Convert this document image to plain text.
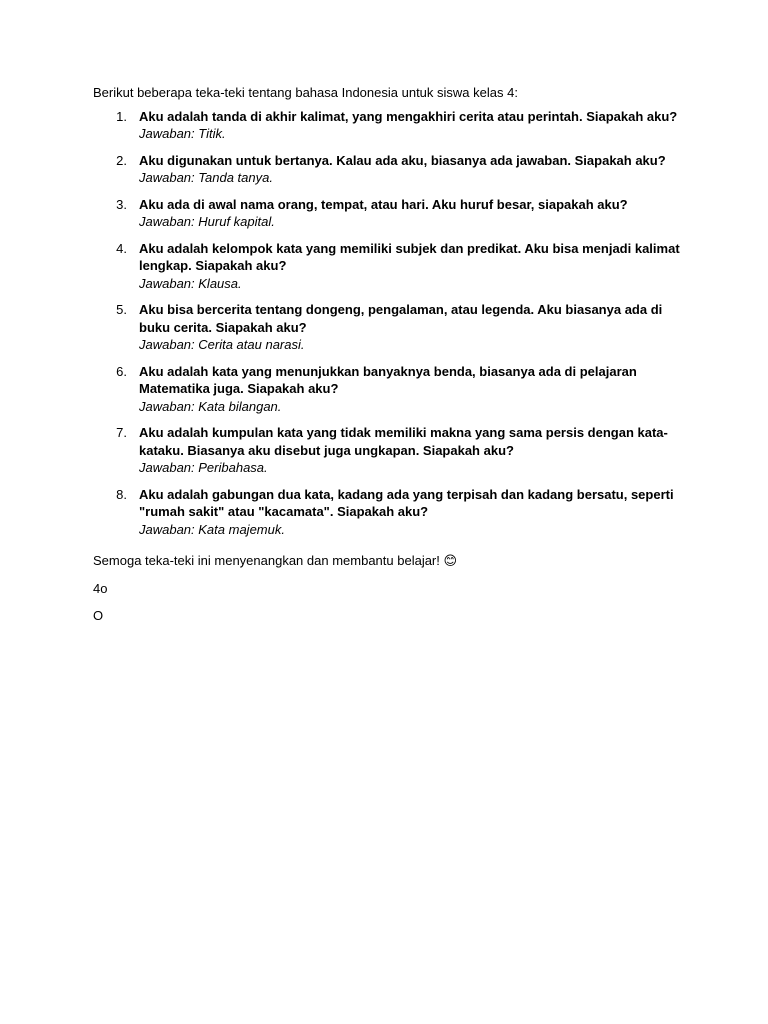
Berikut beberapa teka-teki tentang bahasa Indonesia untuk siswa kelas 4:

1. Aku adalah tanda di akhir kalimat, yang mengakhiri cerita atau perintah. Siapakah aku?
Jawaban: Titik.
2. Aku digunakan untuk bertanya. Kalau ada aku, biasanya ada jawaban. Siapakah aku?
Jawaban: Tanda tanya.
3. Aku ada di awal nama orang, tempat, atau hari. Aku huruf besar, siapakah aku?
Jawaban: Huruf kapital.
4. Aku adalah kelompok kata yang memiliki subjek dan predikat. Aku bisa menjadi kalimat lengkap. Siapakah aku?
Jawaban: Klausa.
5. Aku bisa bercerita tentang dongeng, pengalaman, atau legenda. Aku biasanya ada di buku cerita. Siapakah aku?
Jawaban: Cerita atau narasi.
6. Aku adalah kata yang menunjukkan banyaknya benda, biasanya ada di pelajaran Matematika juga. Siapakah aku?
Jawaban: Kata bilangan.
7. Aku adalah kumpulan kata yang tidak memiliki makna yang sama persis dengan kata-kataku. Biasanya aku disebut juga ungkapan. Siapakah aku?
Jawaban: Peribahasa.
8. Aku adalah gabungan dua kata, kadang ada yang terpisah dan kadang bersatu, seperti "rumah sakit" atau "kacamata". Siapakah aku?
Jawaban: Kata majemuk.

Semoga teka-teki ini menyenangkan dan membantu belajar! 😊

4o

O
